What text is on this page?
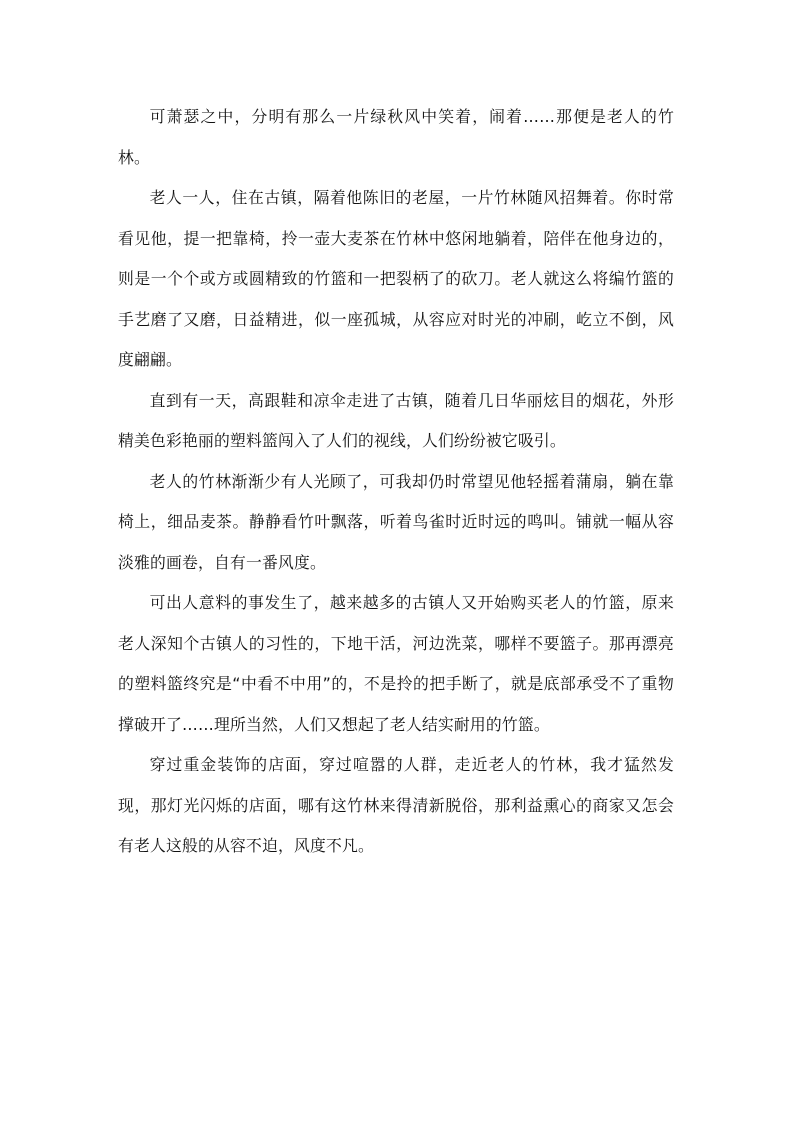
可萧瑟之中，分明有那么一片绿秋风中笑着，闹着……那便是老人的竹林。

老人一人，住在古镇，隔着他陈旧的老屋，一片竹林随风招舞着。你时常看见他，提一把靠椅，拎一壶大麦茶在竹林中悠闲地躺着，陪伴在他身边的，则是一个个或方或圆精致的竹篮和一把裂柄了的砍刀。老人就这么将编竹篮的手艺磨了又磨，日益精进，似一座孤城，从容应对时光的冲刷，屹立不倒，风度翩翩。

直到有一天，高跟鞋和凉伞走进了古镇，随着几日华丽炫目的烟花，外形精美色彩艳丽的塑料篮闯入了人们的视线，人们纷纷被它吸引。

老人的竹林渐渐少有人光顾了，可我却仍时常望见他轻摇着蒲扇，躺在靠椅上，细品麦茶。静静看竹叶飘落，听着鸟雀时近时远的鸣叫。铺就一幅从容淡雅的画卷，自有一番风度。

可出人意料的事发生了，越来越多的古镇人又开始购买老人的竹篮，原来老人深知个古镇人的习性的，下地干活，河边洗菜，哪样不要篮子。那再漂亮的塑料篮终究是“中看不中用”的，不是拎的把手断了，就是底部承受不了重物撑破开了……理所当然，人们又想起了老人结实耐用的竹篮。

穿过重金装饰的店面，穿过喧嚣的人群，走近老人的竹林，我才猛然发现，那灯光闪烁的店面，哪有这竹林来得清新脱俗，那利益熏心的商家又怎会有老人这般的从容不迫，风度不凡。
